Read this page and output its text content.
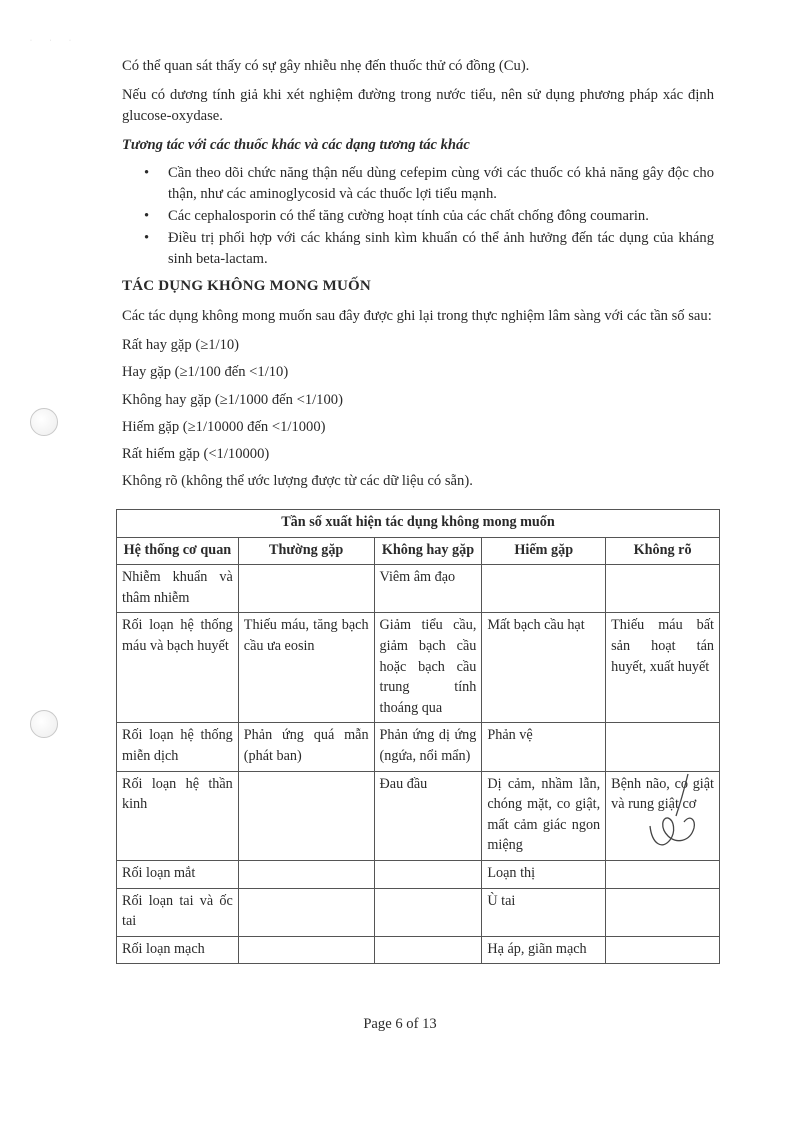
· · ·

Có thể quan sát thấy có sự gây nhiễu nhẹ đến thuốc thử có đồng (Cu).

Nếu có dương tính giả khi xét nghiệm đường trong nước tiểu, nên sử dụng phương pháp xác định glucose-oxydase.

Tương tác với các thuốc khác và các dạng tương tác khác
• Cần theo dõi chức năng thận nếu dùng cefepim cùng với các thuốc có khả năng gây độc cho thận, như các aminoglycosid và các thuốc lợi tiểu mạnh.
• Các cephalosporin có thể tăng cường hoạt tính của các chất chống đông coumarin.
• Điều trị phối hợp với các kháng sinh kìm khuẩn có thể ảnh hưởng đến tác dụng của kháng sinh beta-lactam.
TÁC DỤNG KHÔNG MONG MUỐN

Các tác dụng không mong muốn sau đây được ghi lại trong thực nghiệm lâm sàng với các tần số sau:

Rất hay gặp (≥1/10)

Hay gặp (≥1/100 đến <1/10)

Không hay gặp (≥1/1000 đến <1/100)

Hiếm gặp (≥1/10000 đến <1/1000)

Rất hiếm gặp (<1/10000)

Không rõ (không thể ước lượng được từ các dữ liệu có sẵn).

Tần số xuất hiện tác dụng không mong muốn				
Hệ thống cơ quan	Thường gặp	Không hay gặp	Hiếm gặp	Không rõ
Nhiễm khuẩn và thâm nhiễm		Viêm âm đạo		
Rối loạn hệ thống máu và bạch huyết	Thiếu máu, tăng bạch cầu ưa eosin	Giảm tiểu cầu, giảm bạch cầu hoặc bạch cầu trung tính thoáng qua	Mất bạch cầu hạt	Thiếu máu bất sản hoạt tán huyết, xuất huyết
Rối loạn hệ thống miễn dịch	Phản ứng quá mẫn (phát ban)	Phản ứng dị ứng (ngứa, nổi mẩn)	Phản vệ	
Rối loạn hệ thần kinh		Đau đầu	Dị cảm, nhầm lẫn, chóng mặt, co giật, mất cảm giác ngon miệng	Bệnh não, co giật và rung giật cơ
Rối loạn mắt			Loạn thị	
Rối loạn tai và ốc tai			Ù tai	
Rối loạn mạch			Hạ áp, giãn mạch	
Page 6 of 13
